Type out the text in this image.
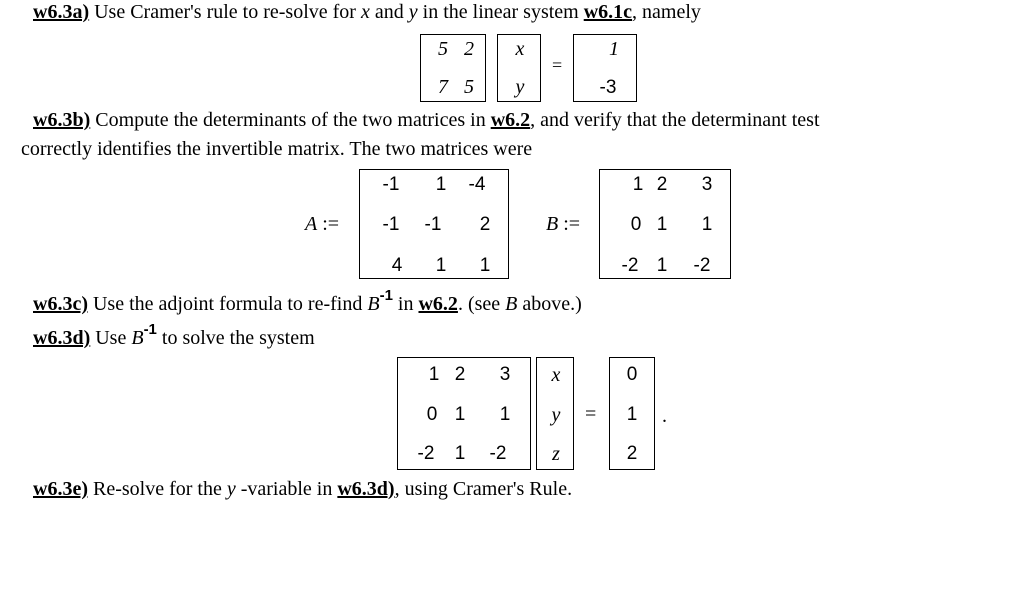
w6.3a) Use Cramer's rule to re-solve for x and y in the linear system w6.1c, namely
5 2
7 5
x
y
=
1
-3
w6.3b) Compute the determinants of the two matrices in w6.2, and verify that the determinant test
correctly identifies the invertible matrix. The two matrices were
A :=
-1 1 -4
-1 -1 2
4 1 1
B :=
1 2 3
0 1 1
-2 1 -2
w6.3c) Use the adjoint formula to re-find $B^{-1}$ in w6.2. (see B above.)
w6.3d) Use $B^{-1}$ to solve the system
1 2 3
0 1 1
-2 1 -2
x
y
z
=
0
1
2
.
w6.3e) Re-solve for the y -variable in w6.3d), using Cramer's Rule.
